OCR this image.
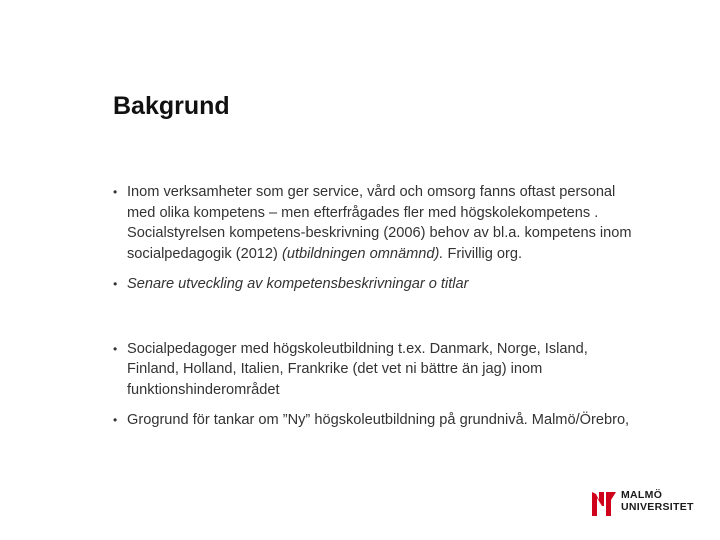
Bakgrund
• Inom verksamheter som ger service, vård och omsorg fanns oftast personal med olika kompetens – men efterfrågades fler med högskolekompetens . Socialstyrelsen kompetens-beskrivning (2006) behov av bl.a. kompetens inom socialpedagogik (2012) (utbildningen omnämnd). Frivillig org.
• Senare utveckling av kompetensbeskrivningar o titlar
• Socialpedagoger med högskoleutbildning t.ex. Danmark, Norge, Island, Finland, Holland, Italien, Frankrike (det vet ni bättre än jag) inom funktionshinderområdet
• Grogrund för tankar om ”Ny” högskoleutbildning på grundnivå. Malmö/Örebro,
MALMÖ
UNIVERSITET
